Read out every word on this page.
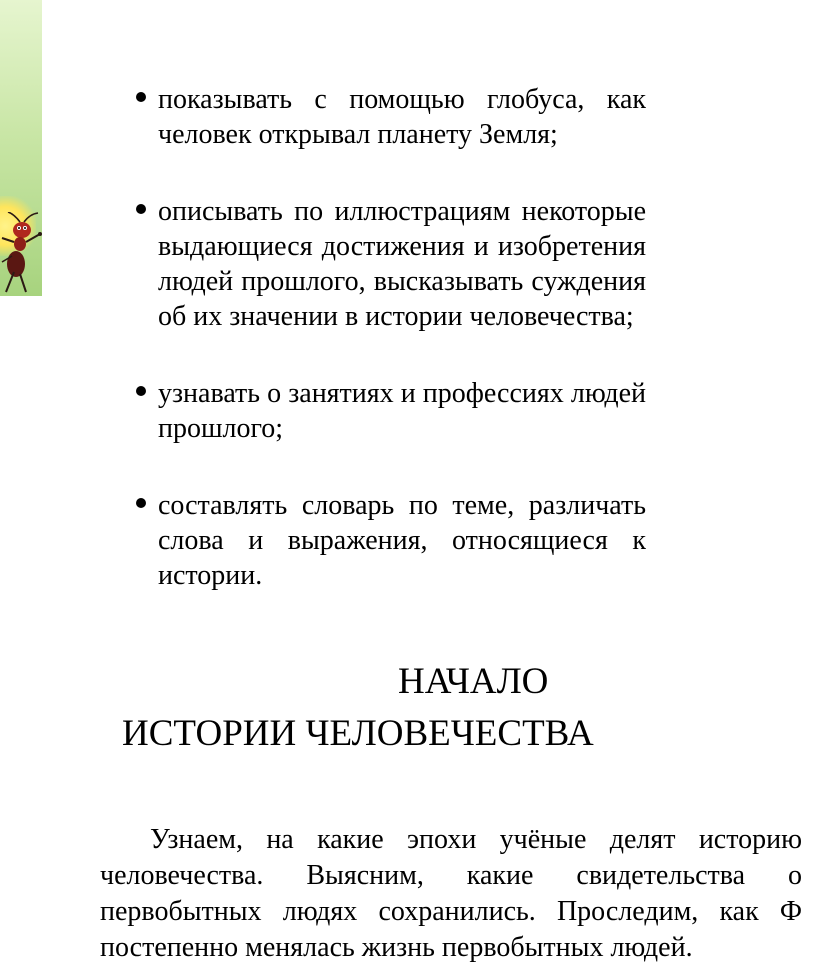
показывать с помощью глобуса, как человек открывал планету Земля;
описывать по иллюстрациям некоторые выдающиеся достижения и изобретения людей прошлого, высказывать суждения об их значении в истории человечества;
узнавать о занятиях и профессиях людей прошлого;
составлять словарь по теме, различать слова и выражения, относящиеся к истории.
НАЧАЛО
ИСТОРИИ ЧЕЛОВЕЧЕСТВА

Узнаем, на какие эпохи учёные делят историю человечества. Выясним, какие свидетельства о первобытных людях сохранились. Проследим, как Ф постепенно менялась жизнь первобытных людей.
